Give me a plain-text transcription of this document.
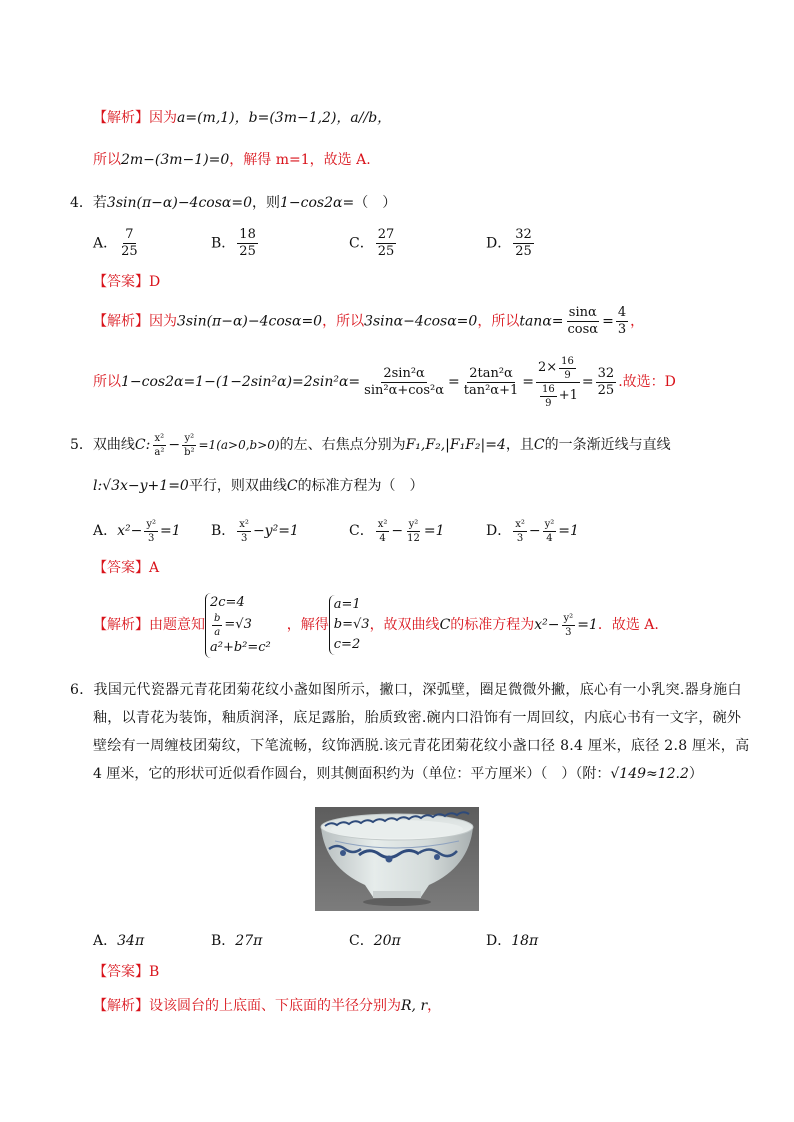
【解析】因为a=(m,1)，b=(3m−1,2)，a//b，
所以2m−(3m−1)=0，解得 m=1，故选 A.
4．若3sin(π−α)−4cosα=0，则1−cos2α=（　）
A． $\frac{7}{25}$	B． $\frac{18}{25}$	C． $\frac{27}{25}$	D． $\frac{32}{25}$
【答案】D
【解析】因为3sin(π−α)−4cosα=0，所以3sinα−4cosα=0，所以$\tan\alpha= \frac{\sin\alpha}{\cos\alpha} = \frac{4}{3}$ ，
所以 $1-\cos 2\alpha=1-(1-2\sin^2\alpha)=2\sin^2\alpha= \frac{\text{2sin²α}}{\text{sin²α+cos²α}} = \frac{\text{2tan²α}}{\text{tan²α+1}} = \frac{2\times \frac{16}{9}}{\frac{16}{9} +1} = \frac{32}{25}$ .故选：D
5． 双曲线 C: $\frac{\text{x²}}{\text{a²}} - \frac{\text{y²}}{\text{b²}} =1(a>0,b>0)$ 的左、右焦点分别为 F₁,F₂,|F₁F₂|=4 ，且 C 的一条渐近线与直线
l:√3x−y+1=0平行，则双曲线C的标准方程为（　）
A． $x^2- \frac{\text{y²}}{3} =1$ B． $\frac{\text{x²}}{3} -y^2=1$	C． $\frac{\text{x²}}{4} - \frac{\text{y²}}{12} =1$	D． $\frac{\text{x²}}{3} - \frac{\text{y²}}{4} =1$
【答案】A
【解析】 由题意知
2c=4
$\frac{b}{a} =√3$
a²+b²=c²
，解得
a=1
b=√3
c=2
，故双曲线 C 的标准方程为 $x^2- \frac{\text{y²}}{3} =1$ ．故选 A.
6．我国元代瓷器元青花团菊花纹小盏如图所示，撇口，深弧壁，圈足微微外撇，底心有一小乳突.器身施白
釉，以青花为装饰，釉质润泽，底足露胎，胎质致密.碗内口沿饰有一周回纹，内底心书有一文字，碗外
壁绘有一周缠枝团菊纹，下笔流畅，纹饰洒脱.该元青花团菊花纹小盏口径 8.4 厘米，底径 2.8 厘米，高
4 厘米，它的形状可近似看作圆台，则其侧面积约为（单位：平方厘米）（　）（附：√149≈12.2）
A．34π	B．27π	C．20π	D．18π
【答案】B
【解析】设该圆台的上底面、下底面的半径分别为R, r，
